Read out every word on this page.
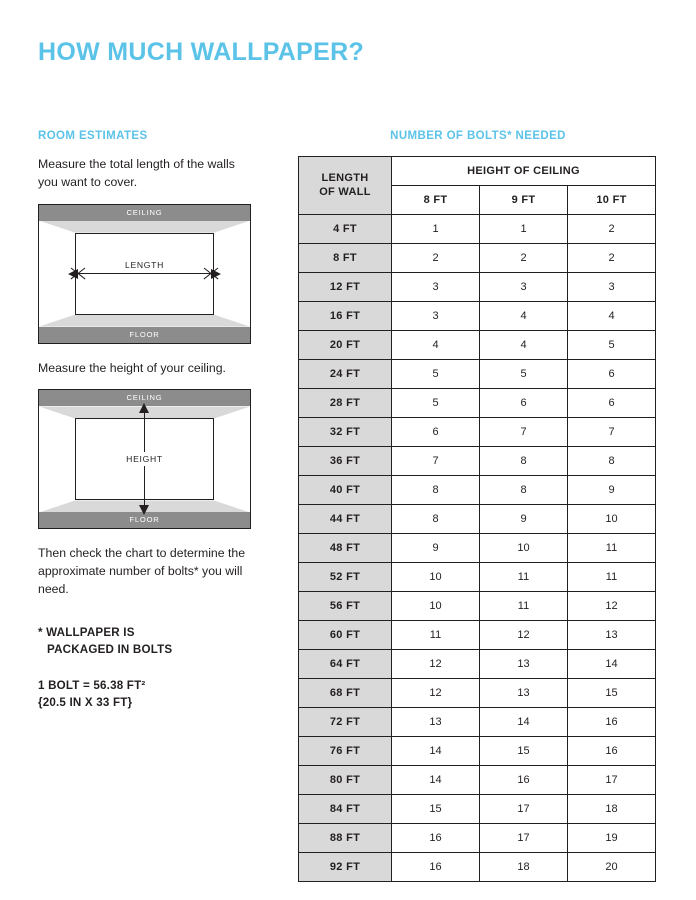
HOW MUCH WALLPAPER?
ROOM ESTIMATES
Measure the total length of the walls you want to cover.
CEILING
FLOOR
LENGTH
Measure the height of your ceiling.
CEILING
FLOOR
HEIGHT
Then check the chart to determine the approximate number of bolts* you will need.
* WALLPAPER IS
PACKAGED IN BOLTS
1 BOLT = 56.38 FT²
{20.5 IN X 33 FT}
NUMBER OF BOLTS* NEEDED
LENGTH
OF WALL	HEIGHT OF CEILING		
	8 FT	9 FT	10 FT
4 FT	1	1	2
8 FT	2	2	2
12 FT	3	3	3
16 FT	3	4	4
20 FT	4	4	5
24 FT	5	5	6
28 FT	5	6	6
32 FT	6	7	7
36 FT	7	8	8
40 FT	8	8	9
44 FT	8	9	10
48 FT	9	10	11
52 FT	10	11	11
56 FT	10	11	12
60 FT	11	12	13
64 FT	12	13	14
68 FT	12	13	15
72 FT	13	14	16
76 FT	14	15	16
80 FT	14	16	17
84 FT	15	17	18
88 FT	16	17	19
92 FT	16	18	20
